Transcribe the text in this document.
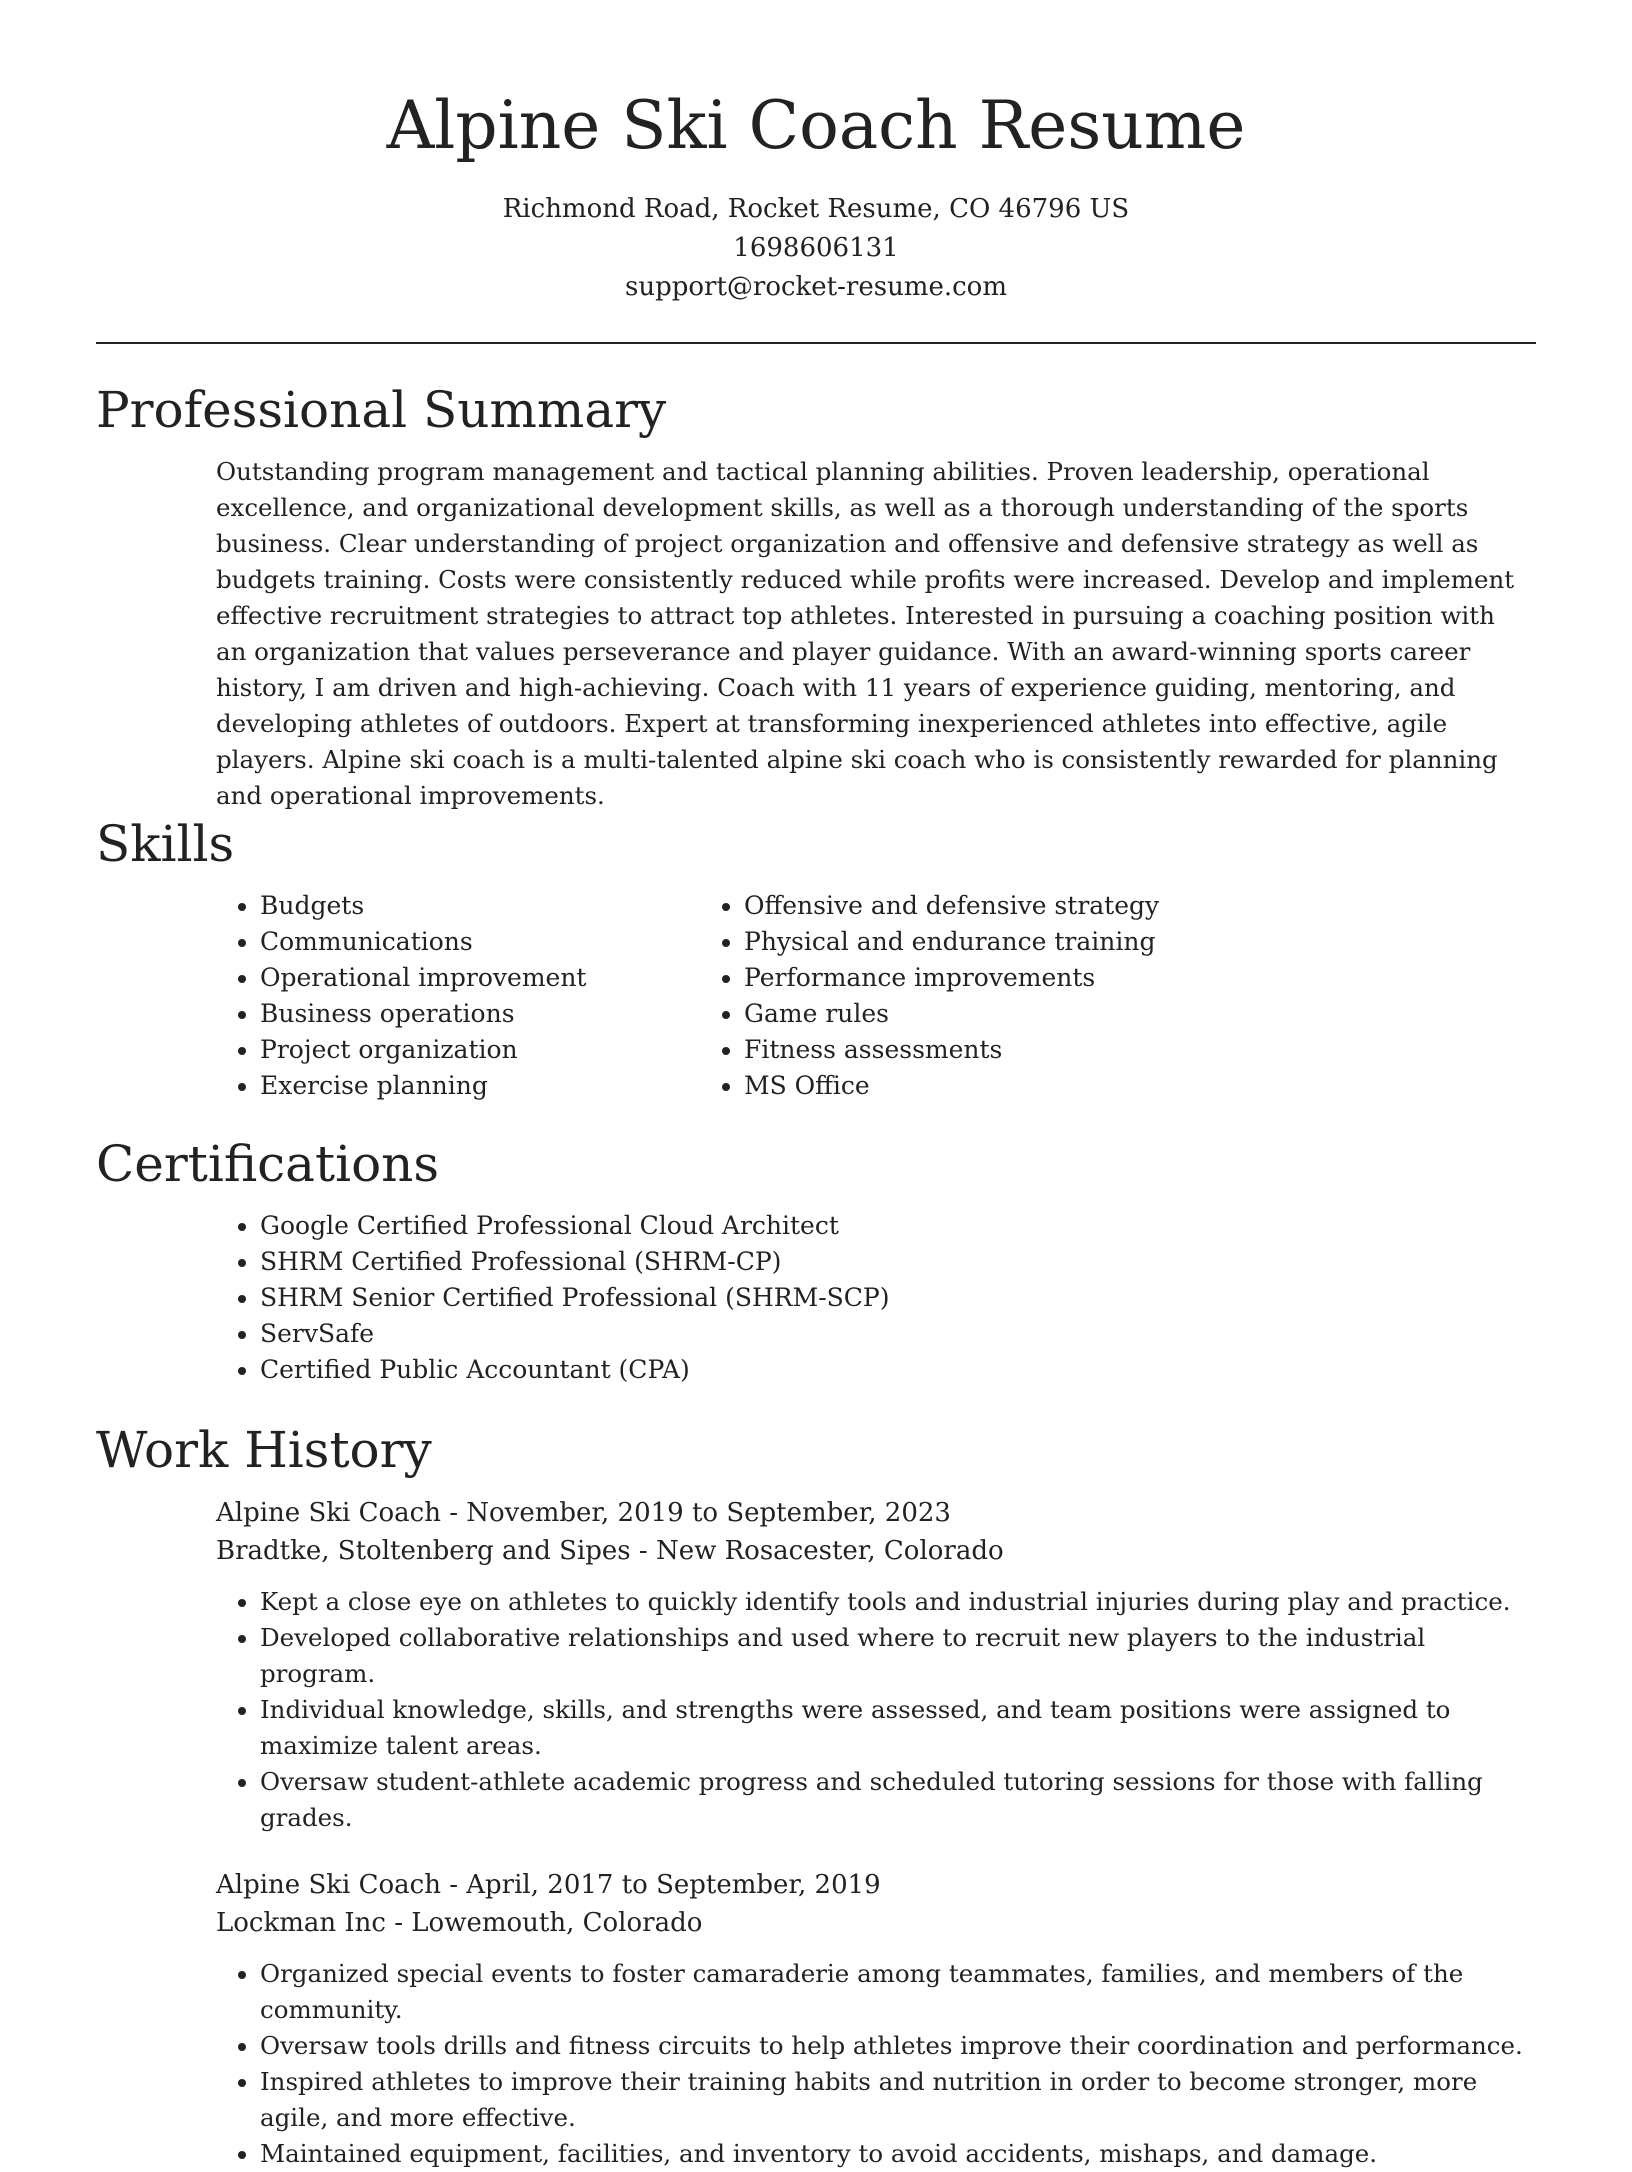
Alpine Ski Coach Resume
Richmond Road, Rocket Resume, CO 46796 US
1698606131
support@rocket-resume.com
Professional Summary

Outstanding program management and tactical planning abilities. Proven leadership, operational excellence, and organizational development skills, as well as a thorough understanding of the sports business. Clear understanding of project organization and offensive and defensive strategy as well as budgets training. Costs were consistently reduced while profits were increased. Develop and implement effective recruitment strategies to attract top athletes. Interested in pursuing a coaching position with an organization that values perseverance and player guidance. With an award-winning sports career history, I am driven and high-achieving. Coach with 11 years of experience guiding, mentoring, and developing athletes of outdoors. Expert at transforming inexperienced athletes into effective, agile players. Alpine ski coach is a multi-talented alpine ski coach who is consistently rewarded for planning and operational improvements.

Skills
• Budgets
• Communications
• Operational improvement
• Business operations
• Project organization
• Exercise planning
• Offensive and defensive strategy
• Physical and endurance training
• Performance improvements
• Game rules
• Fitness assessments
• MS Office
Certifications
• Google Certified Professional Cloud Architect
• SHRM Certified Professional (SHRM-CP)
• SHRM Senior Certified Professional (SHRM-SCP)
• ServSafe
• Certified Public Accountant (CPA)
Work History

Alpine Ski Coach - November, 2019 to September, 2023

Bradtke, Stoltenberg and Sipes - New Rosacester, Colorado

• Kept a close eye on athletes to quickly identify tools and industrial injuries during play and practice.
• Developed collaborative relationships and used where to recruit new players to the industrial program.
• Individual knowledge, skills, and strengths were assessed, and team positions were assigned to maximize talent areas.
• Oversaw student-athlete academic progress and scheduled tutoring sessions for those with falling grades.

Alpine Ski Coach - April, 2017 to September, 2019

Lockman Inc - Lowemouth, Colorado

• Organized special events to foster camaraderie among teammates, families, and members of the community.
• Oversaw tools drills and fitness circuits to help athletes improve their coordination and performance.
• Inspired athletes to improve their training habits and nutrition in order to become stronger, more agile, and more effective.
• Maintained equipment, facilities, and inventory to avoid accidents, mishaps, and damage.
